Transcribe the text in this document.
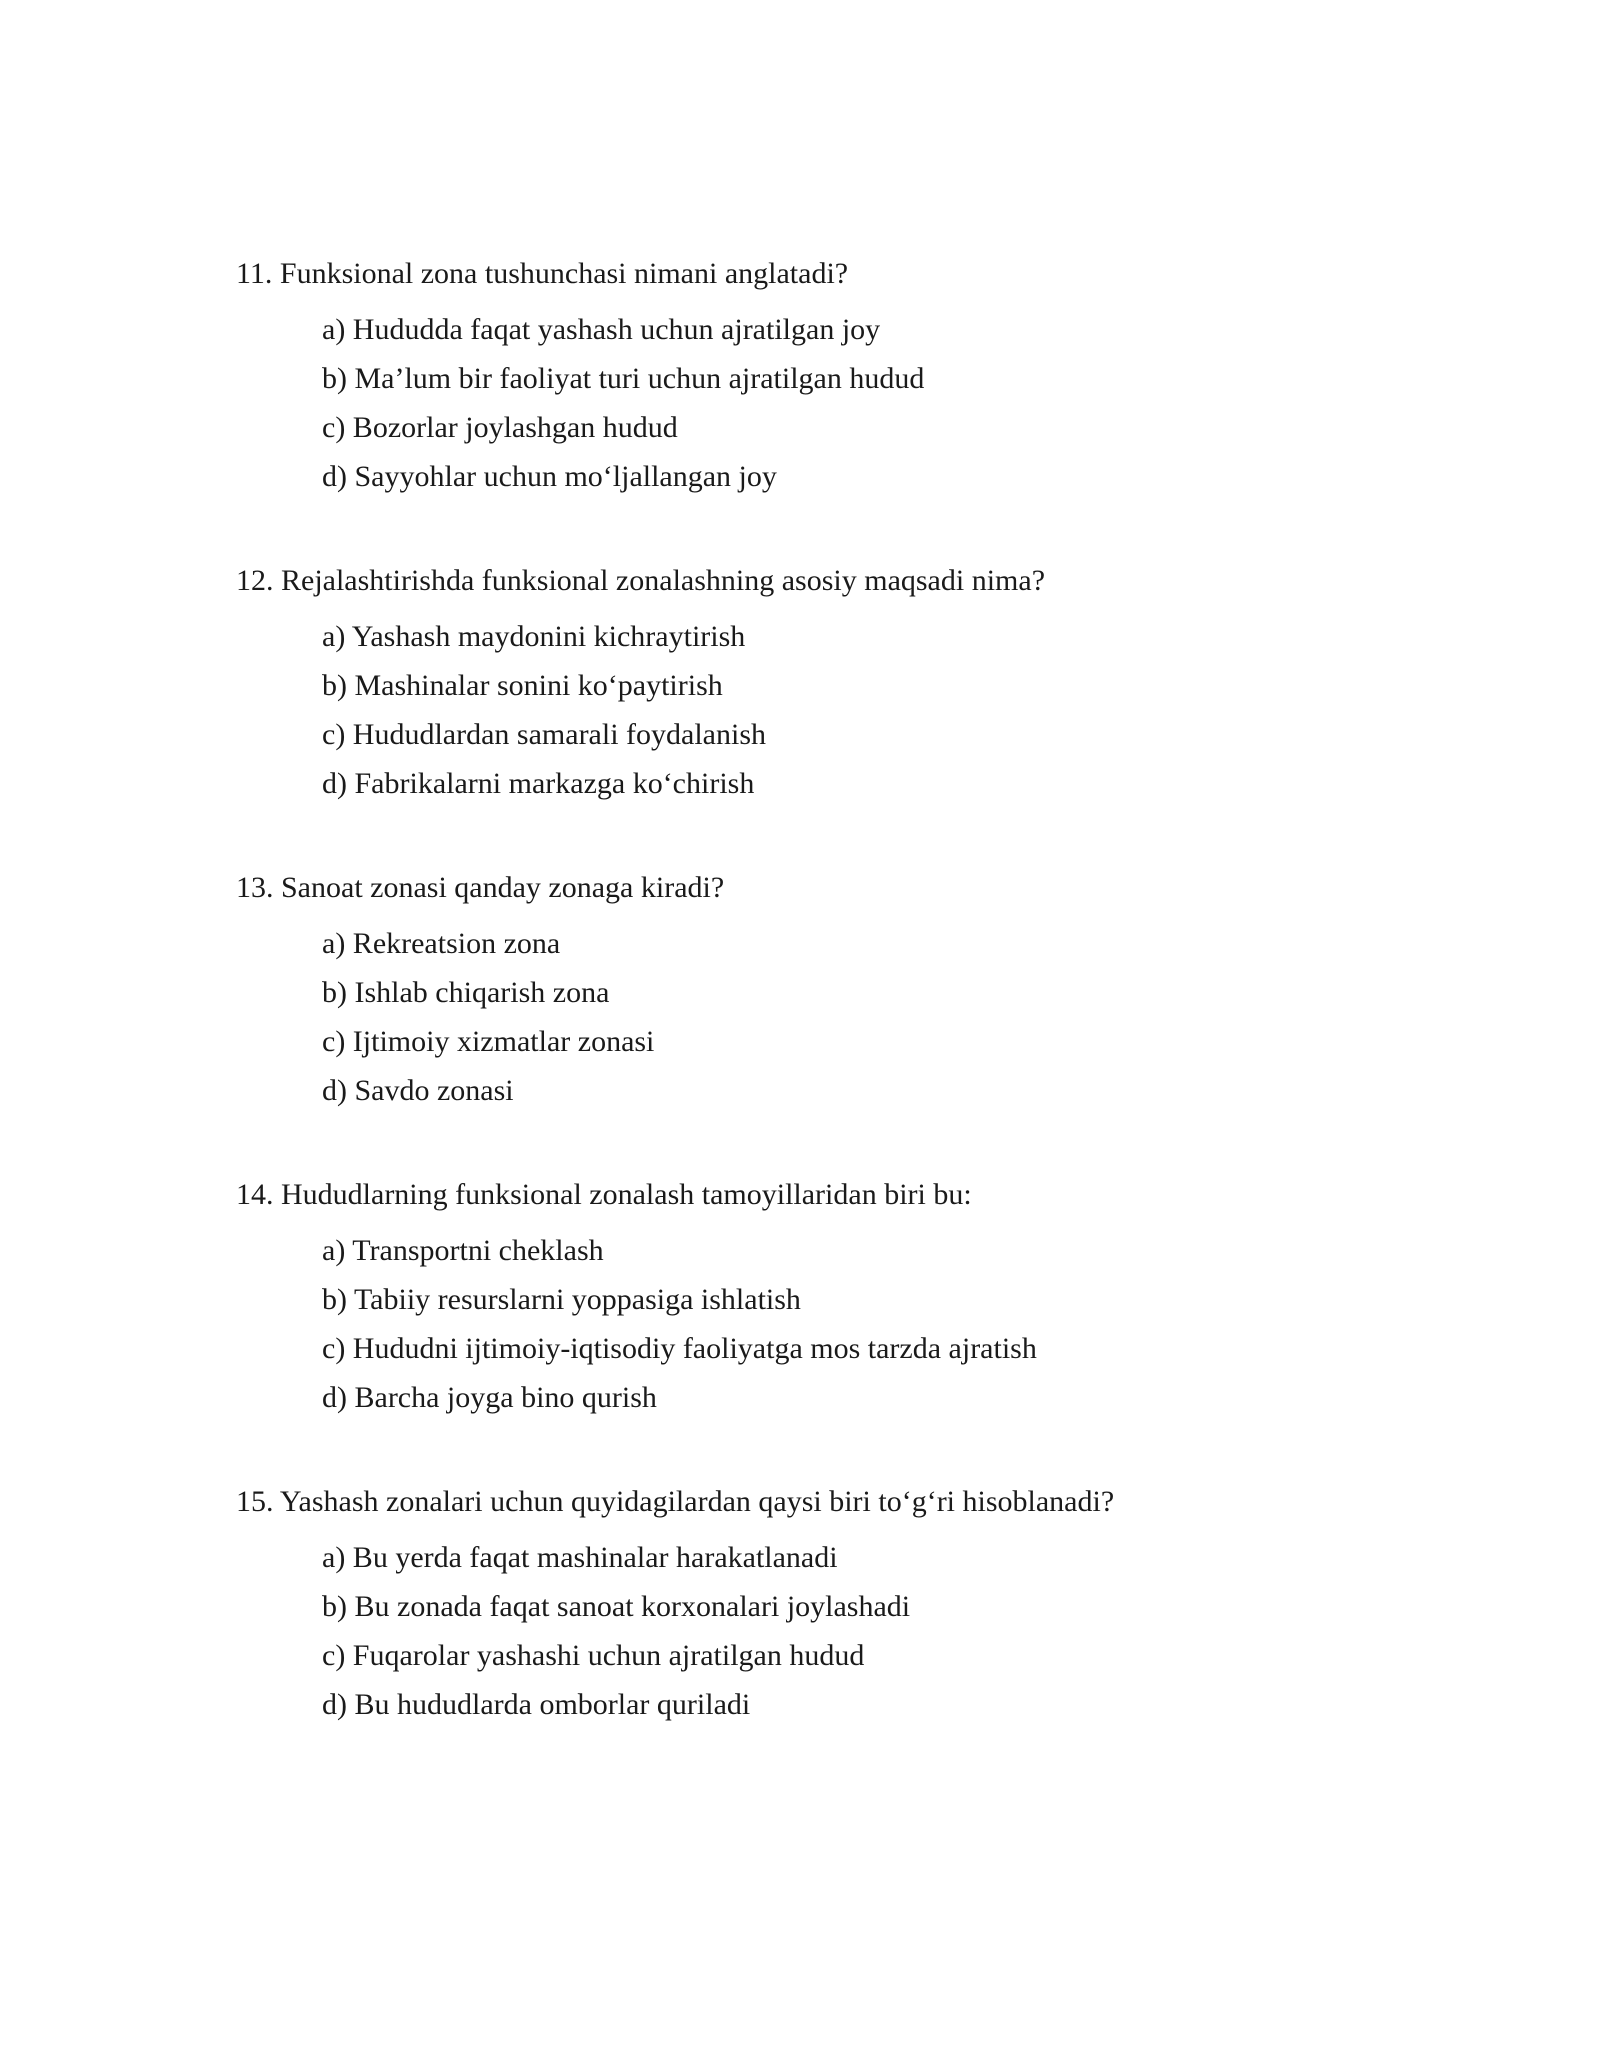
11. Funksional zona tushunchasi nimani anglatadi?
a) Hududda faqat yashash uchun ajratilgan joy
b) Ma’lum bir faoliyat turi uchun ajratilgan hudud
c) Bozorlar joylashgan hudud
d) Sayyohlar uchun mo‘ljallangan joy
12. Rejalashtirishda funksional zonalashning asosiy maqsadi nima?
a) Yashash maydonini kichraytirish
b) Mashinalar sonini ko‘paytirish
c) Hududlardan samarali foydalanish
d) Fabrikalarni markazga ko‘chirish
13. Sanoat zonasi qanday zonaga kiradi?
a) Rekreatsion zona
b) Ishlab chiqarish zona
c) Ijtimoiy xizmatlar zonasi
d) Savdo zonasi
14. Hududlarning funksional zonalash tamoyillaridan biri bu:
a) Transportni cheklash
b) Tabiiy resurslarni yoppasiga ishlatish
c) Hududni ijtimoiy-iqtisodiy faoliyatga mos tarzda ajratish
d) Barcha joyga bino qurish
15. Yashash zonalari uchun quyidagilardan qaysi biri to‘g‘ri hisoblanadi?
a) Bu yerda faqat mashinalar harakatlanadi
b) Bu zonada faqat sanoat korxonalari joylashadi
c) Fuqarolar yashashi uchun ajratilgan hudud
d) Bu hududlarda omborlar quriladi
